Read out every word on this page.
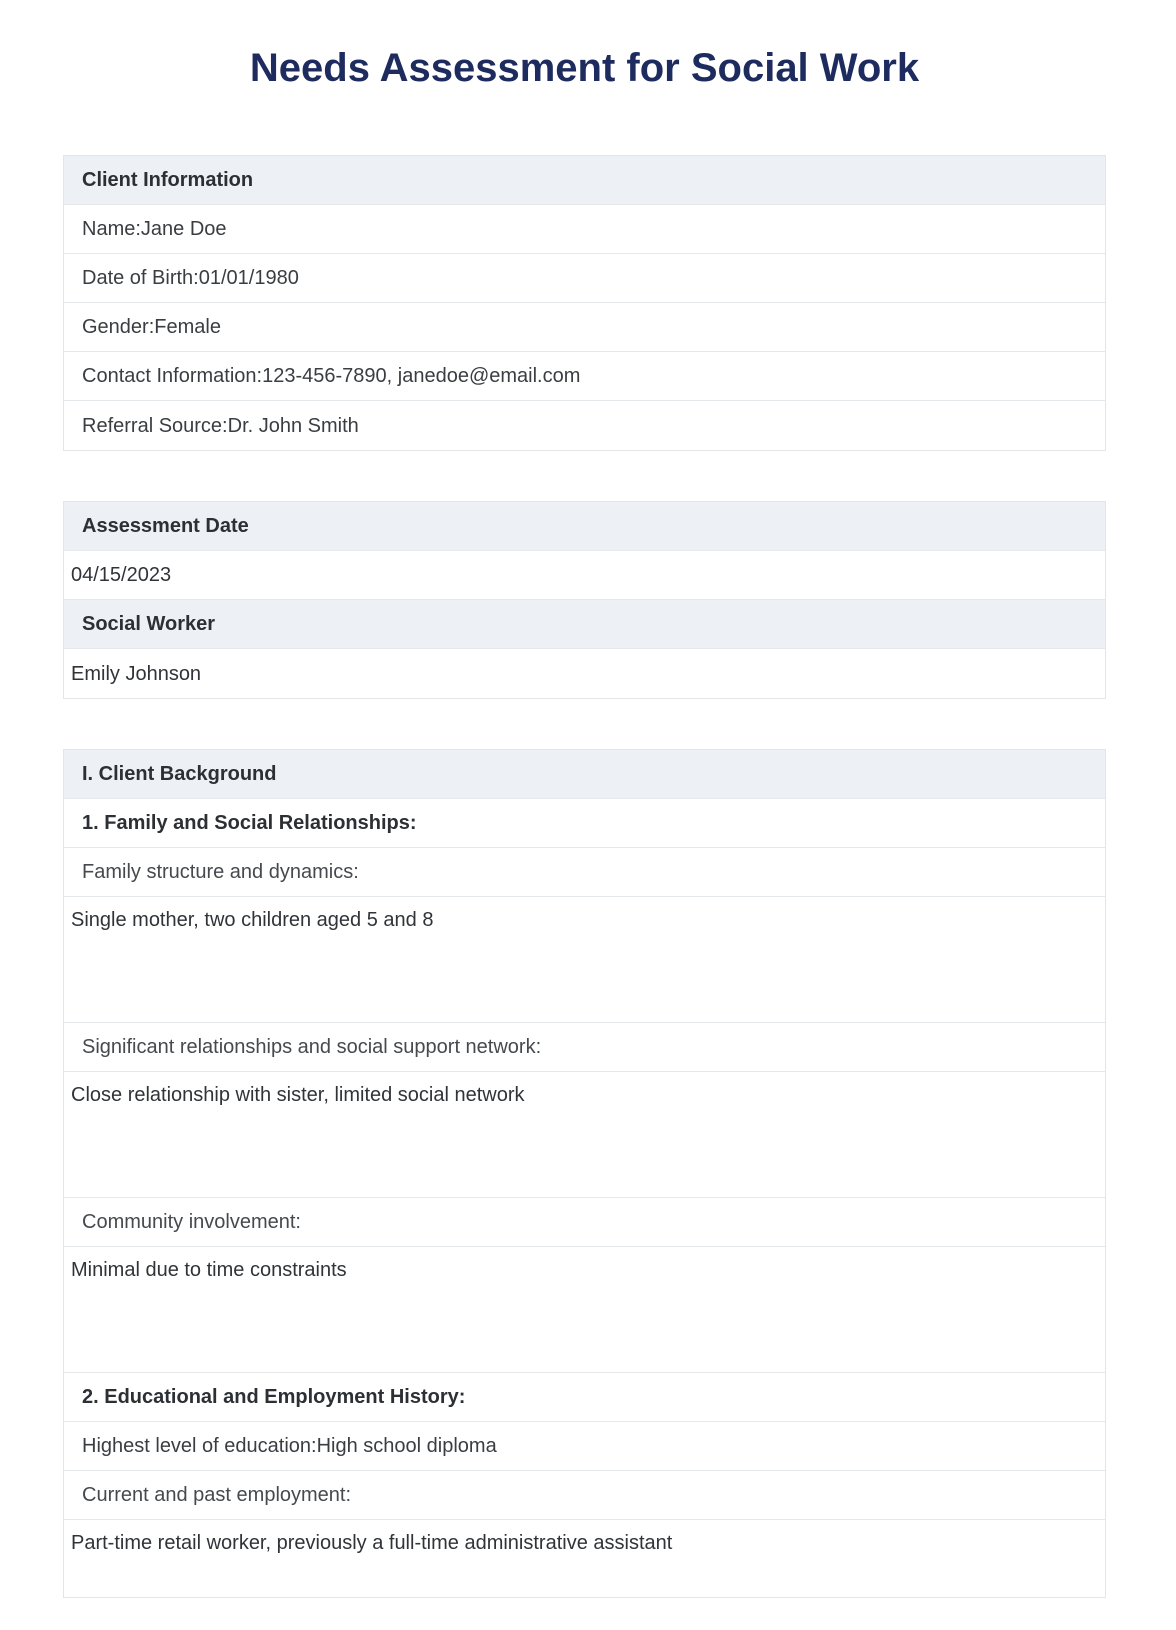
Needs Assessment for Social Work
Client Information
Name: Jane Doe
Date of Birth: 01/01/1980
Gender: Female
Contact Information: 123-456-7890, janedoe@email.com
Referral Source: Dr. John Smith
Assessment Date
04/15/2023
Social Worker
Emily Johnson
I. Client Background
1. Family and Social Relationships:
Family structure and dynamics:
Single mother, two children aged 5 and 8
Significant relationships and social support network:
Close relationship with sister, limited social network
Community involvement:
Minimal due to time constraints
2. Educational and Employment History:
Highest level of education: High school diploma
Current and past employment:
Part-time retail worker, previously a full-time administrative assistant
